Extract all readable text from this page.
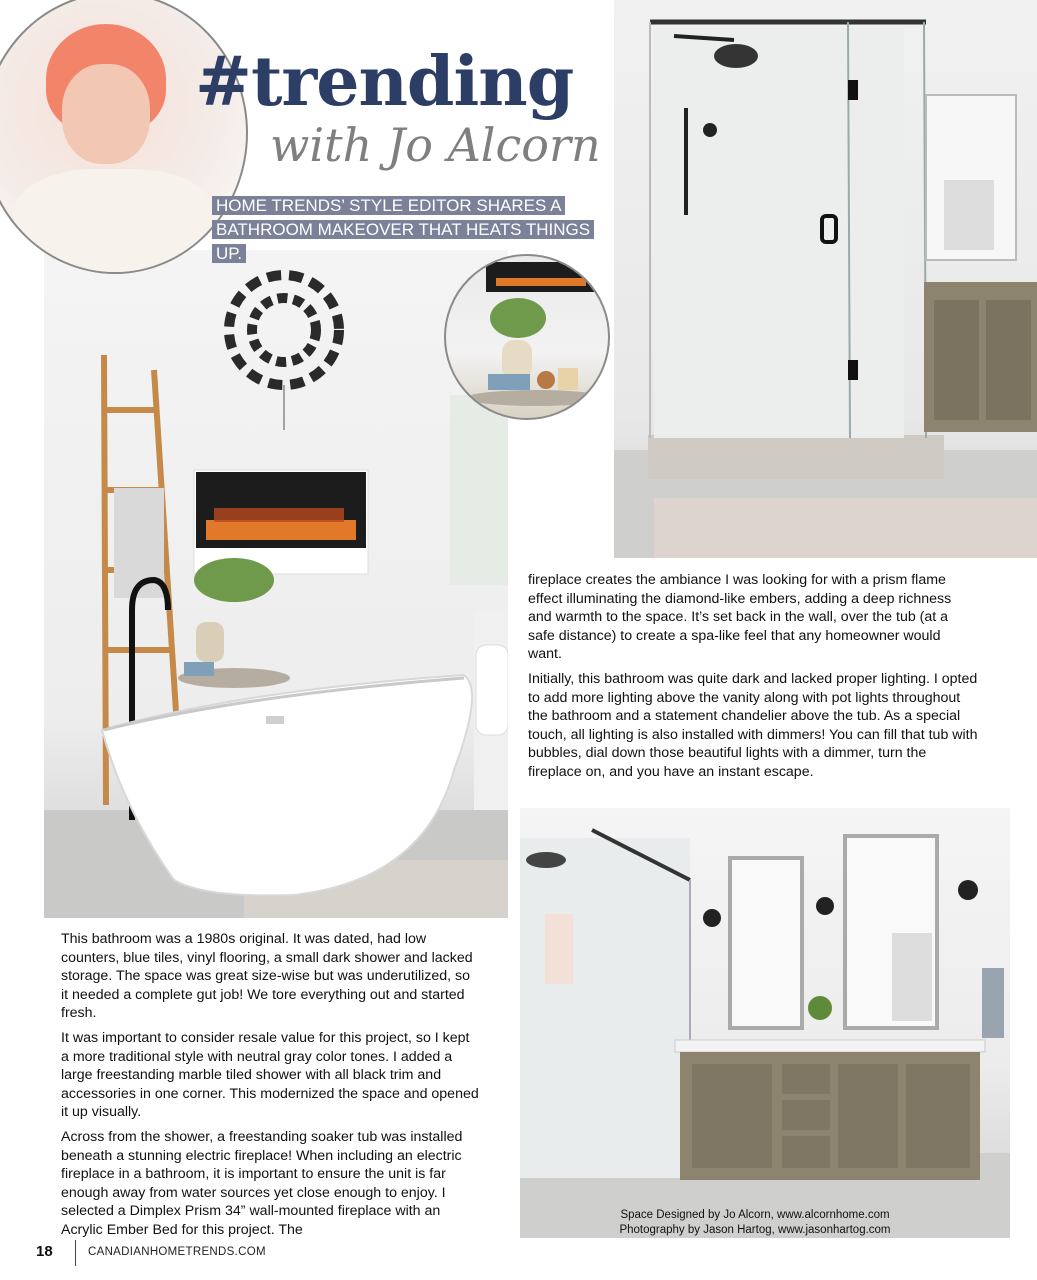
#trending
with Jo Alcorn
HOME TRENDS’ STYLE EDITOR SHARES A BATHROOM MAKEOVER THAT HEATS THINGS UP.

fireplace creates the ambiance I was looking for with a prism flame effect illuminating the diamond-like embers, adding a deep richness and warmth to the space. It’s set back in the wall, over the tub (at a safe distance) to create a spa-like feel that any homeowner would want.

Initially, this bathroom was quite dark and lacked proper lighting. I opted to add more lighting above the vanity along with pot lights throughout the bathroom and a statement chandelier above the tub. As a special touch, all lighting is also installed with dimmers! You can fill that tub with bubbles, dial down those beautiful lights with a dimmer, turn the fireplace on, and you have an instant escape.

This bathroom was a 1980s original. It was dated, had low counters, blue tiles, vinyl flooring, a small dark shower and lacked storage. The space was great size-wise but was underutilized, so it needed a complete gut job! We tore everything out and started fresh.

It was important to consider resale value for this project, so I kept a more traditional style with neutral gray color tones. I added a large freestanding marble tiled shower with all black trim and accessories in one corner. This modernized the space and opened it up visually.

Across from the shower, a freestanding soaker tub was installed beneath a stunning electric fireplace! When including an electric fireplace in a bathroom, it is important to ensure the unit is far enough away from water sources yet close enough to enjoy. I selected a Dimplex Prism 34” wall-mounted fireplace with an Acrylic Ember Bed for this project. The

Space Designed by Jo Alcorn, www.alcornhome.com
Photography by Jason Hartog, www.jasonhartog.com
18	CANADIANHOMETRENDS.COM
